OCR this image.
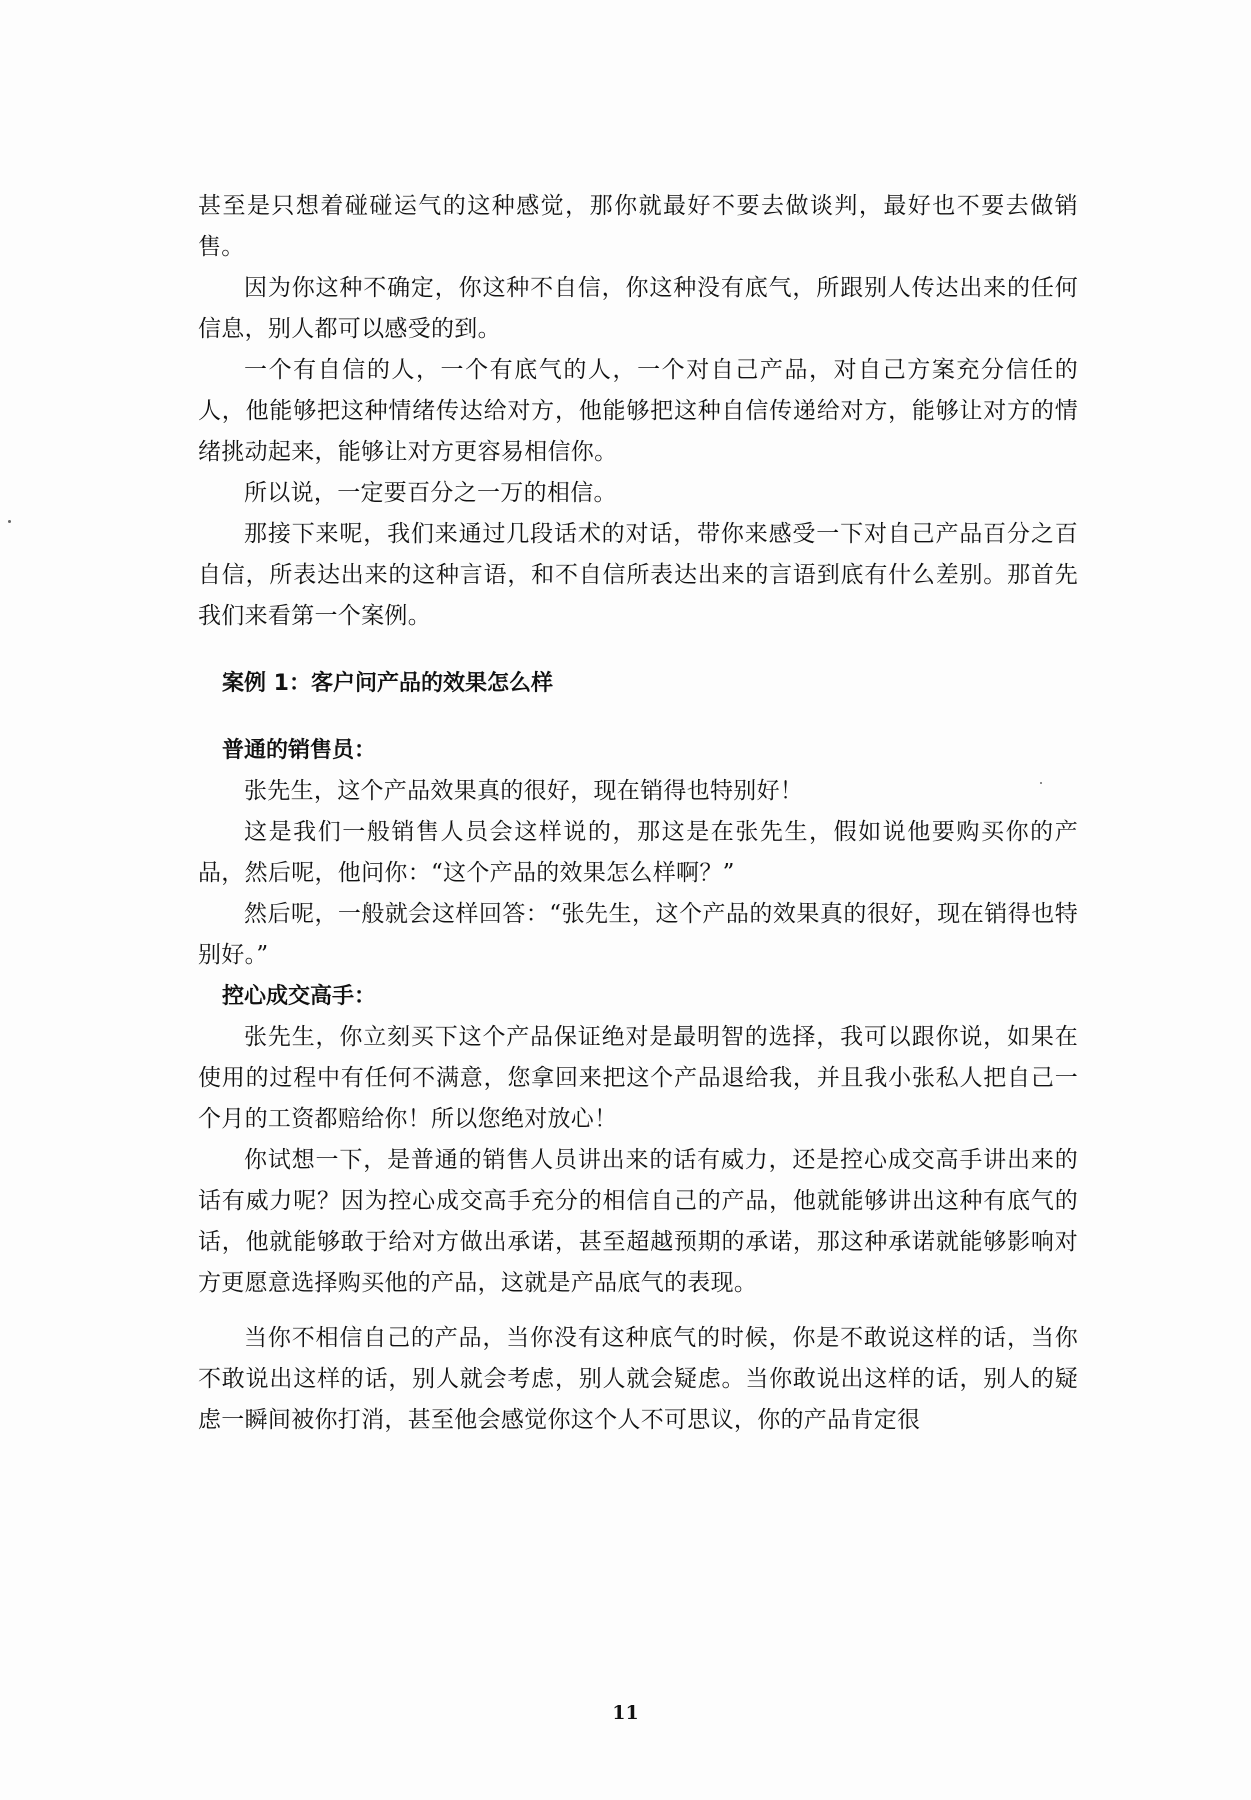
甚至是只想着碰碰运气的这种感觉，那你就最好不要去做谈判，最好也不要去做销售。

因为你这种不确定，你这种不自信，你这种没有底气，所跟别人传达出来的任何信息，别人都可以感受的到。

一个有自信的人，一个有底气的人，一个对自己产品，对自己方案充分信任的人，他能够把这种情绪传达给对方，他能够把这种自信传递给对方，能够让对方的情绪挑动起来，能够让对方更容易相信你。

所以说，一定要百分之一万的相信。

那接下来呢，我们来通过几段话术的对话，带你来感受一下对自己产品百分之百自信，所表达出来的这种言语，和不自信所表达出来的言语到底有什么差别。那首先我们来看第一个案例。

案例 1：客户问产品的效果怎么样

普通的销售员：

张先生，这个产品效果真的很好，现在销得也特别好！

这是我们一般销售人员会这样说的，那这是在张先生，假如说他要购买你的产品，然后呢，他问你：“这个产品的效果怎么样啊？”

然后呢，一般就会这样回答：“张先生，这个产品的效果真的很好，现在销得也特别好。”

控心成交高手：

张先生，你立刻买下这个产品保证绝对是最明智的选择，我可以跟你说，如果在使用的过程中有任何不满意，您拿回来把这个产品退给我，并且我小张私人把自己一个月的工资都赔给你！所以您绝对放心！

你试想一下，是普通的销售人员讲出来的话有威力，还是控心成交高手讲出来的话有威力呢？因为控心成交高手充分的相信自己的产品，他就能够讲出这种有底气的话，他就能够敢于给对方做出承诺，甚至超越预期的承诺，那这种承诺就能够影响对方更愿意选择购买他的产品，这就是产品底气的表现。

当你不相信自己的产品，当你没有这种底气的时候，你是不敢说这样的话，当你不敢说出这样的话，别人就会考虑，别人就会疑虑。当你敢说出这样的话，别人的疑虑一瞬间被你打消，甚至他会感觉你这个人不可思议，你的产品肯定很

11
